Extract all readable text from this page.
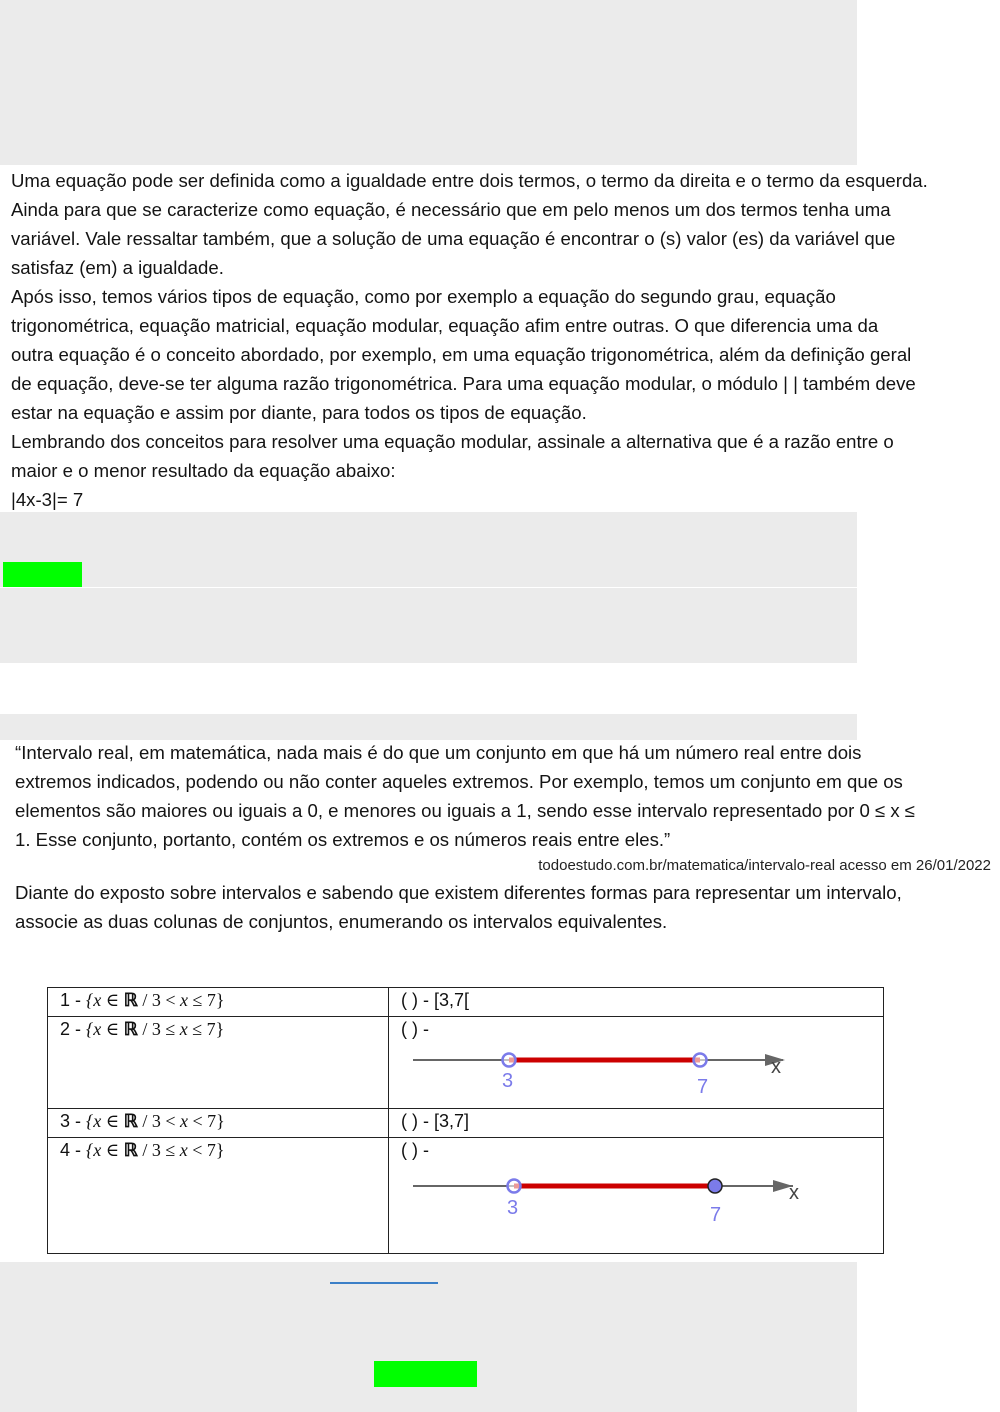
Uma equação pode ser definida como a igualdade entre dois termos, o termo da direita e o termo da esquerda.

Ainda para que se caracterize como equação, é necessário que em pelo menos um dos termos tenha uma

variável. Vale ressaltar também, que a solução de uma equação é encontrar o (s) valor (es) da variável que

satisfaz (em) a igualdade.

Após isso, temos vários tipos de equação, como por exemplo a equação do segundo grau, equação

trigonométrica, equação matricial, equação modular, equação afim entre outras. O que diferencia uma da

outra equação é o conceito abordado, por exemplo, em uma equação trigonométrica, além da definição geral

de equação, deve-se ter alguma razão trigonométrica. Para uma equação modular, o módulo | | também deve

estar na equação e assim por diante, para todos os tipos de equação.

Lembrando dos conceitos para resolver uma equação modular, assinale a alternativa que é a razão entre o

maior e o menor resultado da equação abaixo:

|4x-3|= 7

“Intervalo real, em matemática, nada mais é do que um conjunto em que há um número real entre dois

extremos indicados, podendo ou não conter aqueles extremos. Por exemplo, temos um conjunto em que os

elementos são maiores ou iguais a 0, e menores ou iguais a 1, sendo esse intervalo representado por 0 ≤ x ≤

1. Esse conjunto, portanto, contém os extremos e os números reais entre eles.”

todoestudo.com.br/matematica/intervalo-real acesso em 26/01/2022

Diante do exposto sobre intervalos e sabendo que existem diferentes formas para representar um intervalo,

associe as duas colunas de conjuntos, enumerando os intervalos equivalentes.

1 - {x ∈ ℝ / 3 < x ≤ 7}	( ) - [3,7[
2 - {x ∈ ℝ / 3 ≤ x ≤ 7}	( ) -
3 7
x

3 - {x ∈ ℝ / 3 < x < 7}	( ) - [3,7]
4 - {x ∈ ℝ / 3 ≤ x < 7}	( ) -
3 7
x
